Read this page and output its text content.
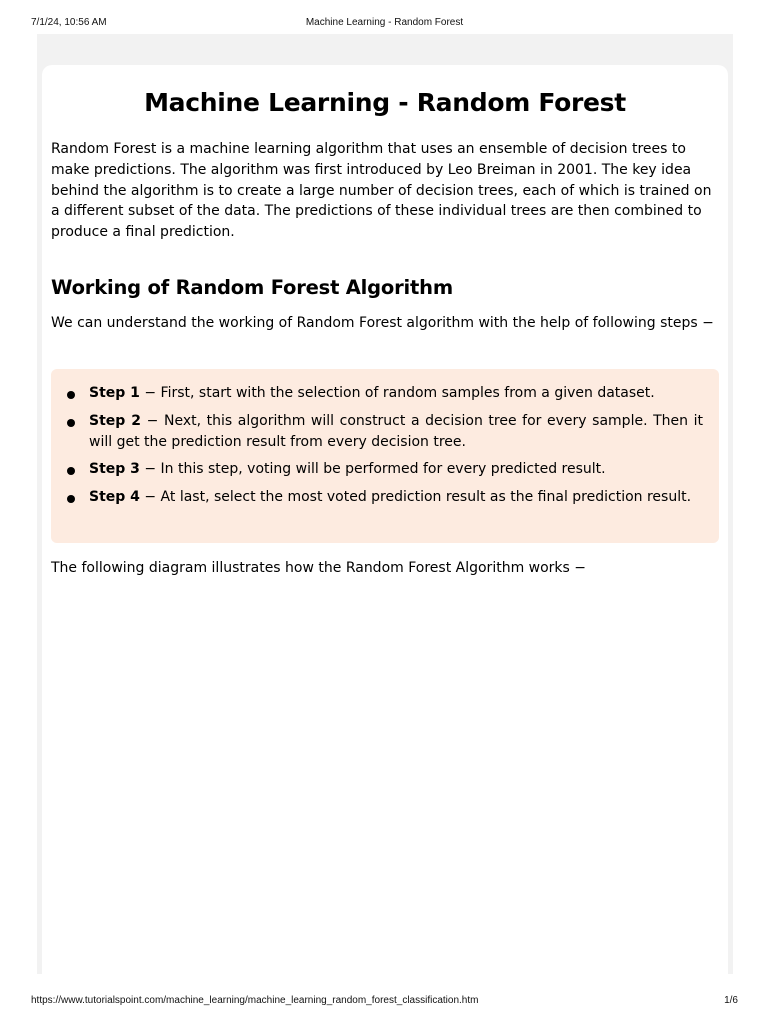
7/1/24, 10:56 AM	Machine Learning - Random Forest
Machine Learning - Random Forest

Random Forest is a machine learning algorithm that uses an ensemble of decision trees to make predictions. The algorithm was first introduced by Leo Breiman in 2001. The key idea behind the algorithm is to create a large number of decision trees, each of which is trained on a different subset of the data. The predictions of these individual trees are then combined to produce a final prediction.

Working of Random Forest Algorithm

We can understand the working of Random Forest algorithm with the help of following steps −

Step 1 − First, start with the selection of random samples from a given dataset.
Step 2 − Next, this algorithm will construct a decision tree for every sample. Then it will get the prediction result from every decision tree.
Step 3 − In this step, voting will be performed for every predicted result.
Step 4 − At last, select the most voted prediction result as the final prediction result.

The following diagram illustrates how the Random Forest Algorithm works −

https://www.tutorialspoint.com/machine_learning/machine_learning_random_forest_classification.htm	1/6
